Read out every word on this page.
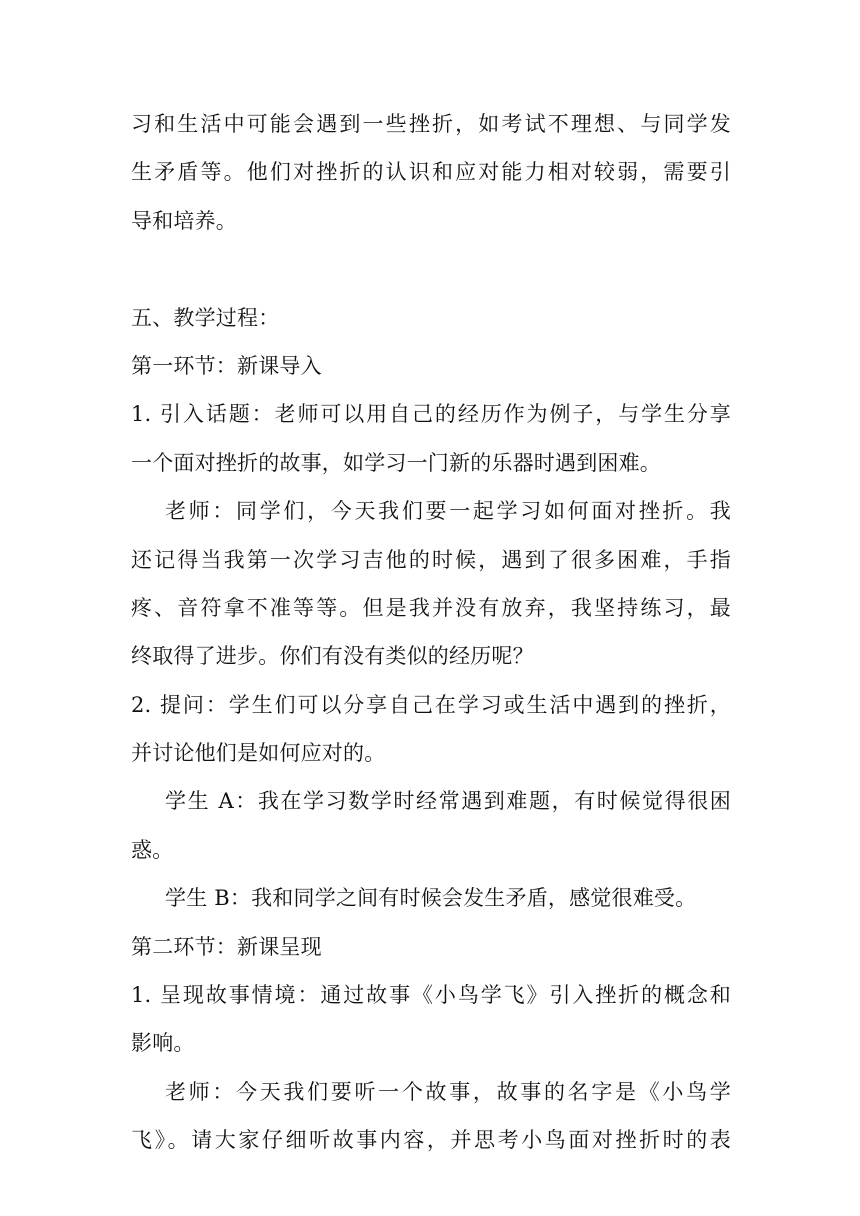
习和生活中可能会遇到一些挫折，如考试不理想、与同学发
生矛盾等。他们对挫折的认识和应对能力相对较弱，需要引
导和培养。
五、教学过程：
第一环节：新课导入
1. 引入话题：老师可以用自己的经历作为例子，与学生分享
一个面对挫折的故事，如学习一门新的乐器时遇到困难。
老师：同学们，今天我们要一起学习如何面对挫折。我
还记得当我第一次学习吉他的时候，遇到了很多困难，手指
疼、音符拿不准等等。但是我并没有放弃，我坚持练习，最
终取得了进步。你们有没有类似的经历呢？
2. 提问：学生们可以分享自己在学习或生活中遇到的挫折，
并讨论他们是如何应对的。
学生 A：我在学习数学时经常遇到难题，有时候觉得很困
惑。
学生 B：我和同学之间有时候会发生矛盾，感觉很难受。
第二环节：新课呈现
1. 呈现故事情境：通过故事《小鸟学飞》引入挫折的概念和
影响。
老师：今天我们要听一个故事，故事的名字是《小鸟学
飞》。请大家仔细听故事内容，并思考小鸟面对挫折时的表
